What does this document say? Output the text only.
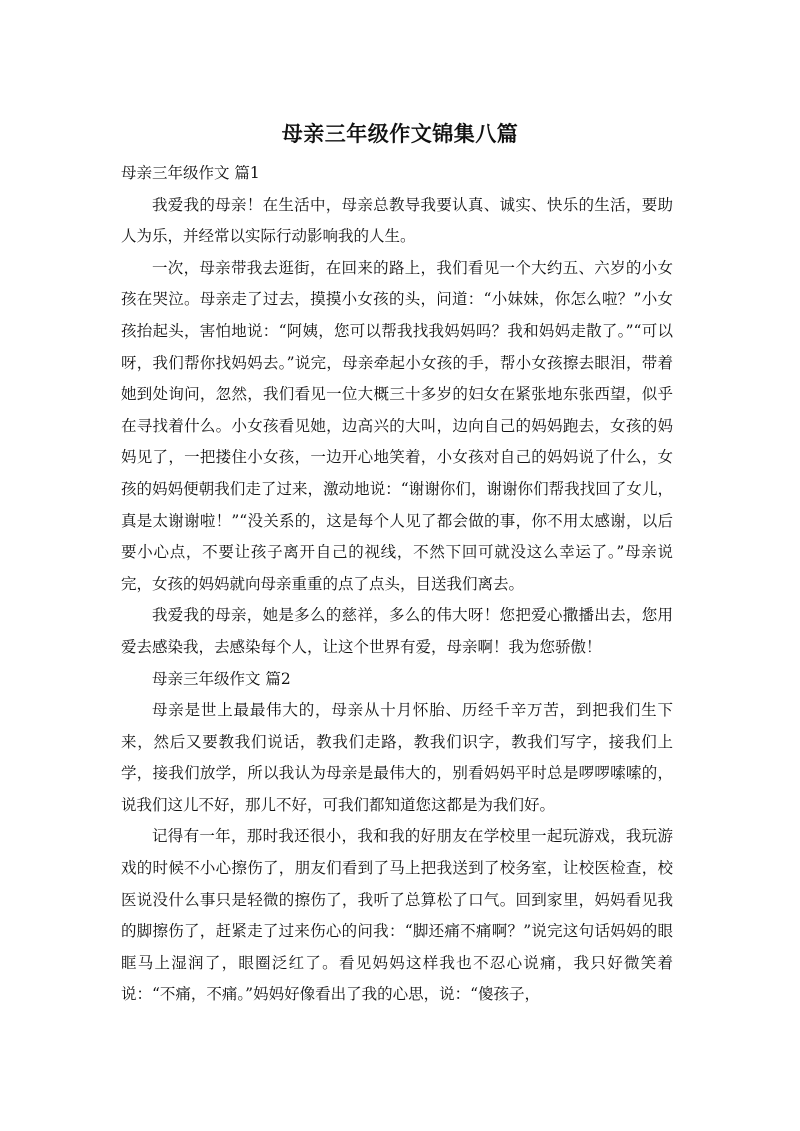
母亲三年级作文锦集八篇

母亲三年级作文 篇1

我爱我的母亲！在生活中，母亲总教导我要认真、诚实、快乐的生活，要助人为乐，并经常以实际行动影响我的人生。

一次，母亲带我去逛街，在回来的路上，我们看见一个大约五、六岁的小女孩在哭泣。母亲走了过去，摸摸小女孩的头，问道：“小妹妹，你怎么啦？”小女孩抬起头，害怕地说：“阿姨，您可以帮我找我妈妈吗？我和妈妈走散了。”“可以呀，我们帮你找妈妈去。”说完，母亲牵起小女孩的手，帮小女孩擦去眼泪，带着她到处询问，忽然，我们看见一位大概三十多岁的妇女在紧张地东张西望，似乎在寻找着什么。小女孩看见她，边高兴的大叫，边向自己的妈妈跑去，女孩的妈妈见了，一把搂住小女孩，一边开心地笑着，小女孩对自己的妈妈说了什么，女孩的妈妈便朝我们走了过来，激动地说：“谢谢你们，谢谢你们帮我找回了女儿，真是太谢谢啦！”“没关系的，这是每个人见了都会做的事，你不用太感谢，以后要小心点，不要让孩子离开自己的视线，不然下回可就没这么幸运了。”母亲说完，女孩的妈妈就向母亲重重的点了点头，目送我们离去。

我爱我的母亲，她是多么的慈祥，多么的伟大呀！您把爱心撒播出去，您用爱去感染我，去感染每个人，让这个世界有爱，母亲啊！我为您骄傲！

母亲三年级作文 篇2

母亲是世上最最伟大的，母亲从十月怀胎、历经千辛万苦，到把我们生下来，然后又要教我们说话，教我们走路，教我们识字，教我们写字，接我们上学，接我们放学，所以我认为母亲是最伟大的，别看妈妈平时总是啰啰嗦嗦的，说我们这儿不好，那儿不好，可我们都知道您这都是为我们好。

记得有一年，那时我还很小，我和我的好朋友在学校里一起玩游戏，我玩游戏的时候不小心擦伤了，朋友们看到了马上把我送到了校务室，让校医检查，校医说没什么事只是轻微的擦伤了，我听了总算松了口气。回到家里，妈妈看见我的脚擦伤了，赶紧走了过来伤心的问我：“脚还痛不痛啊？”说完这句话妈妈的眼眶马上湿润了，眼圈泛红了。看见妈妈这样我也不忍心说痛，我只好微笑着说：“不痛，不痛。”妈妈好像看出了我的心思，说：“傻孩子，
